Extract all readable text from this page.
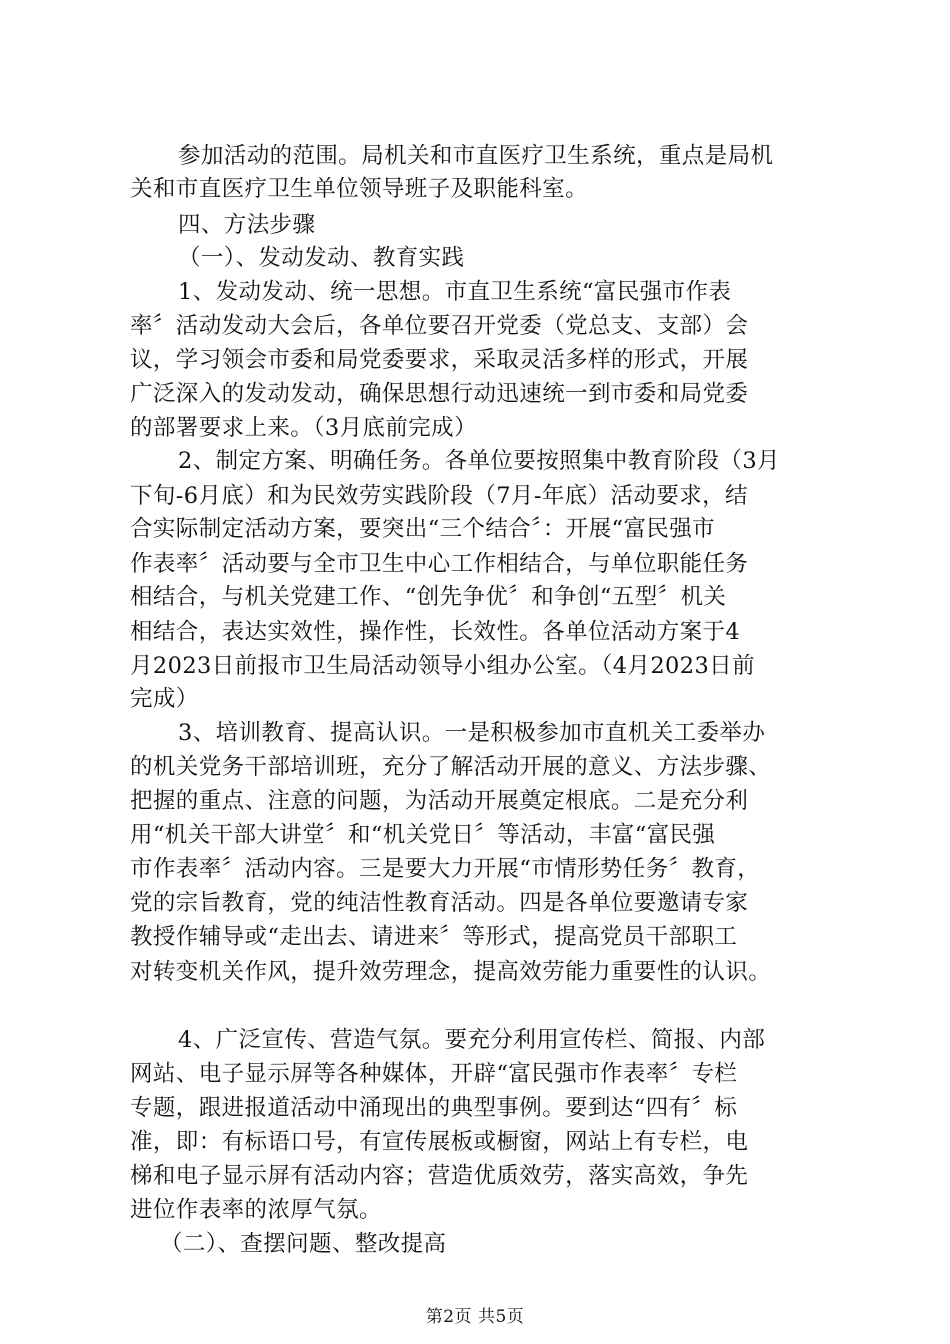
参加活动的范围。局机关和市直医疗卫生系统，重点是局机
关和市直医疗卫生单位领导班子及职能科室。
四、方法步骤
（一）、发动发动、教育实践
1、发动发动、统一思想。市直卫生系统“富民强市作表
率〞活动发动大会后，各单位要召开党委（党总支、支部）会
议，学习领会市委和局党委要求，采取灵活多样的形式，开展
广泛深入的发动发动，确保思想行动迅速统一到市委和局党委
的部署要求上来。（3月底前完成）
2、制定方案、明确任务。各单位要按照集中教育阶段（3月
下旬-6月底）和为民效劳实践阶段（7月-年底）活动要求，结
合实际制定活动方案，要突出“三个结合〞：开展“富民强市
作表率〞活动要与全市卫生中心工作相结合，与单位职能任务
相结合，与机关党建工作、“创先争优〞和争创“五型〞机关
相结合，表达实效性，操作性，长效性。各单位活动方案于4
月2023日前报市卫生局活动领导小组办公室。（4月2023日前
完成）
3、培训教育、提高认识。一是积极参加市直机关工委举办
的机关党务干部培训班，充分了解活动开展的意义、方法步骤、
把握的重点、注意的问题，为活动开展奠定根底。二是充分利
用“机关干部大讲堂〞和“机关党日〞等活动，丰富“富民强
市作表率〞活动内容。三是要大力开展“市情形势任务〞教育，
党的宗旨教育，党的纯洁性教育活动。四是各单位要邀请专家
教授作辅导或“走出去、请进来〞等形式，提高党员干部职工
对转变机关作风，提升效劳理念，提高效劳能力重要性的认识。
4、广泛宣传、营造气氛。要充分利用宣传栏、简报、内部
网站、电子显示屏等各种媒体，开辟“富民强市作表率〞专栏
专题，跟进报道活动中涌现出的典型事例。要到达“四有〞标
准，即：有标语口号，有宣传展板或橱窗，网站上有专栏，电
梯和电子显示屏有活动内容；营造优质效劳，落实高效，争先
进位作表率的浓厚气氛。
（二）、查摆问题、整改提高
第2页 共5页
